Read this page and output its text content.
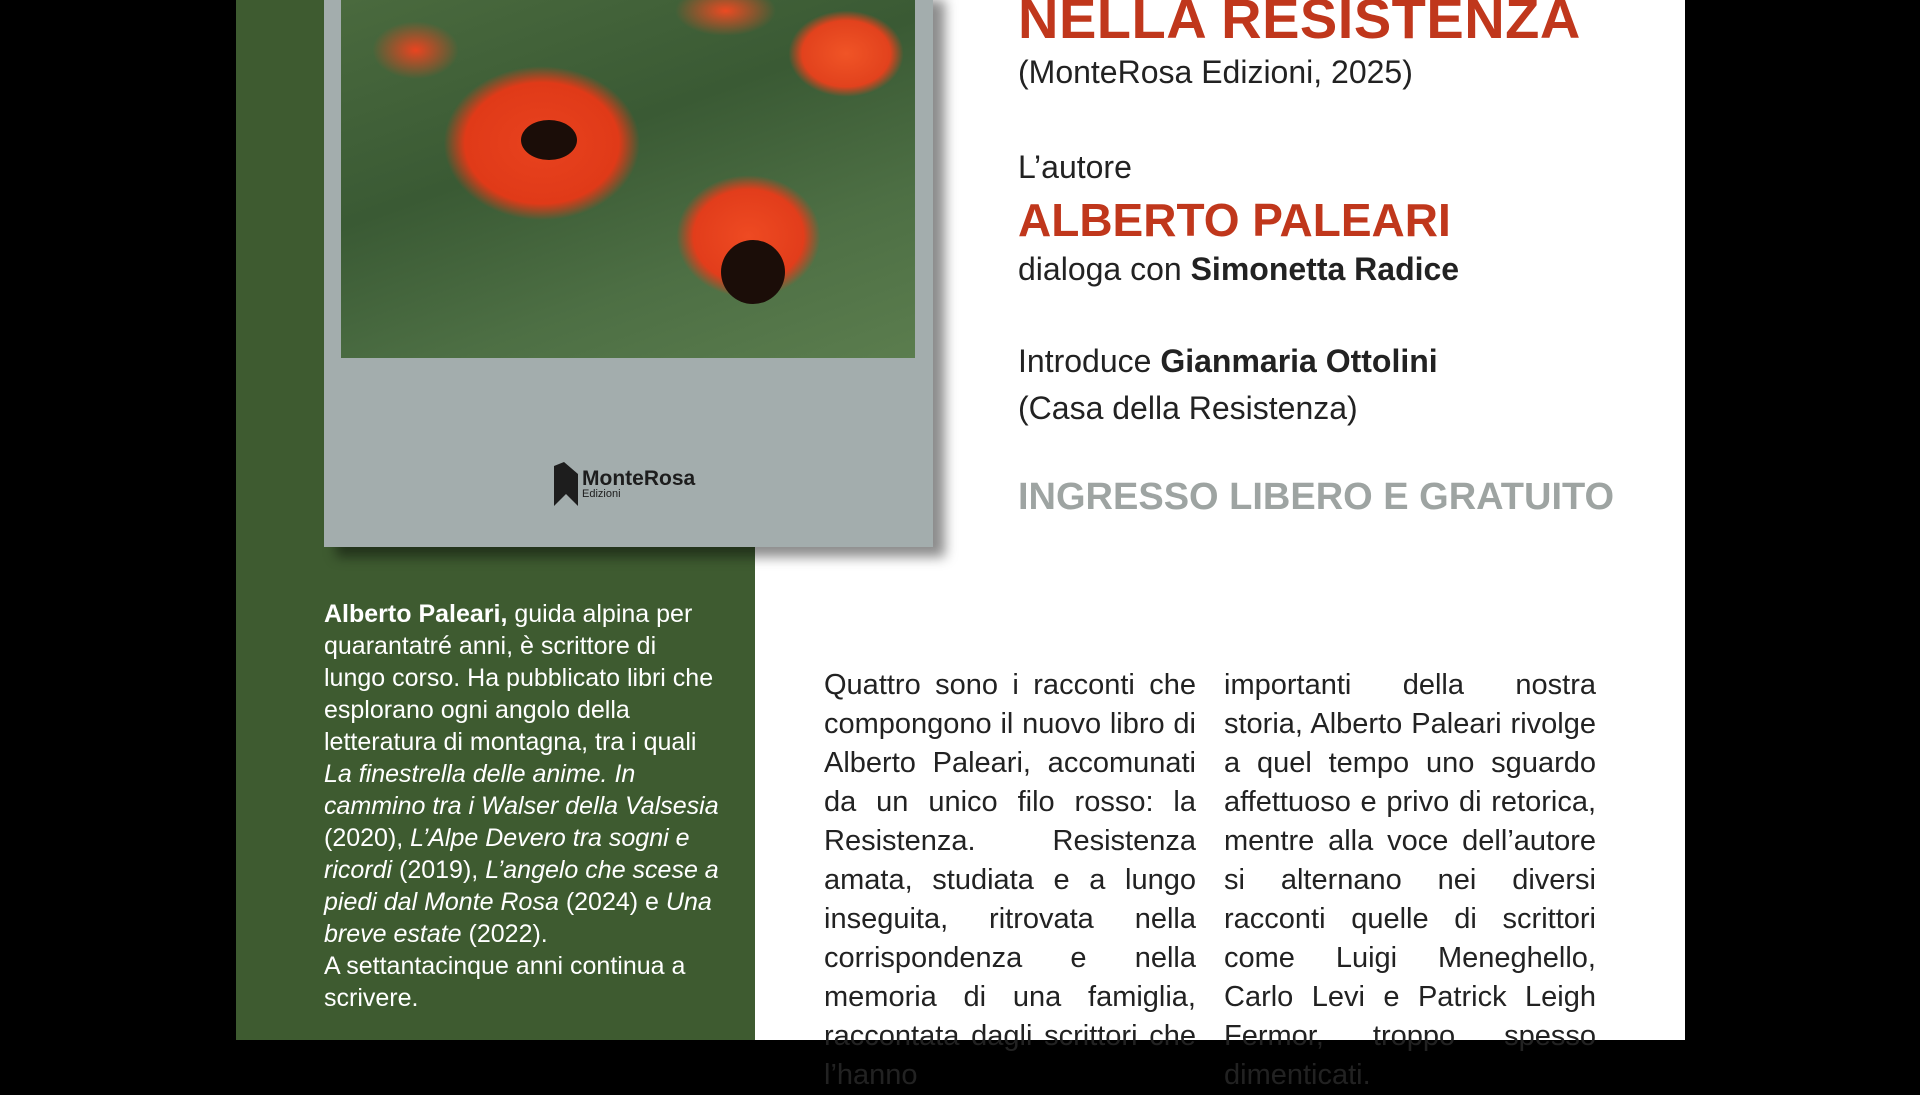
MonteRosa
Edizioni

NELLA RESISTENZA

(MonteRosa Edizioni, 2025)

L’autore

ALBERTO PALEARI

dialoga con Simonetta Radice

Introduce Gianmaria Ottolini

(Casa della Resistenza)

INGRESSO LIBERO E GRATUITO

Alberto Paleari, guida alpina per quarantatré anni, è scrittore di lungo corso. Ha pubblicato libri che esplorano ogni angolo della letteratura di montagna, tra i quali La finestrella delle anime. In cammino tra i Walser della Valsesia (2020), L’Alpe Devero tra sogni e ricordi (2019), L’angelo che scese a piedi dal Monte Rosa (2024) e Una breve estate (2022).
A settantacinque anni continua a scrivere.

Quattro sono i racconti che compongono il nuovo libro di Alberto Paleari, accomunati da un unico filo rosso: la Resistenza. Resistenza amata, studiata e a lungo inseguita, ritrovata nella corrispondenza e nella memoria di una famiglia, raccontata dagli scrittori che l’hanno

importanti della nostra storia, Alberto Paleari rivolge a quel tempo uno sguardo affettuoso e privo di retorica, mentre alla voce dell’autore si alternano nei diversi racconti quelle di scrittori come Luigi Meneghello, Carlo Levi e Patrick Leigh Fermor, troppo spesso dimenticati.
